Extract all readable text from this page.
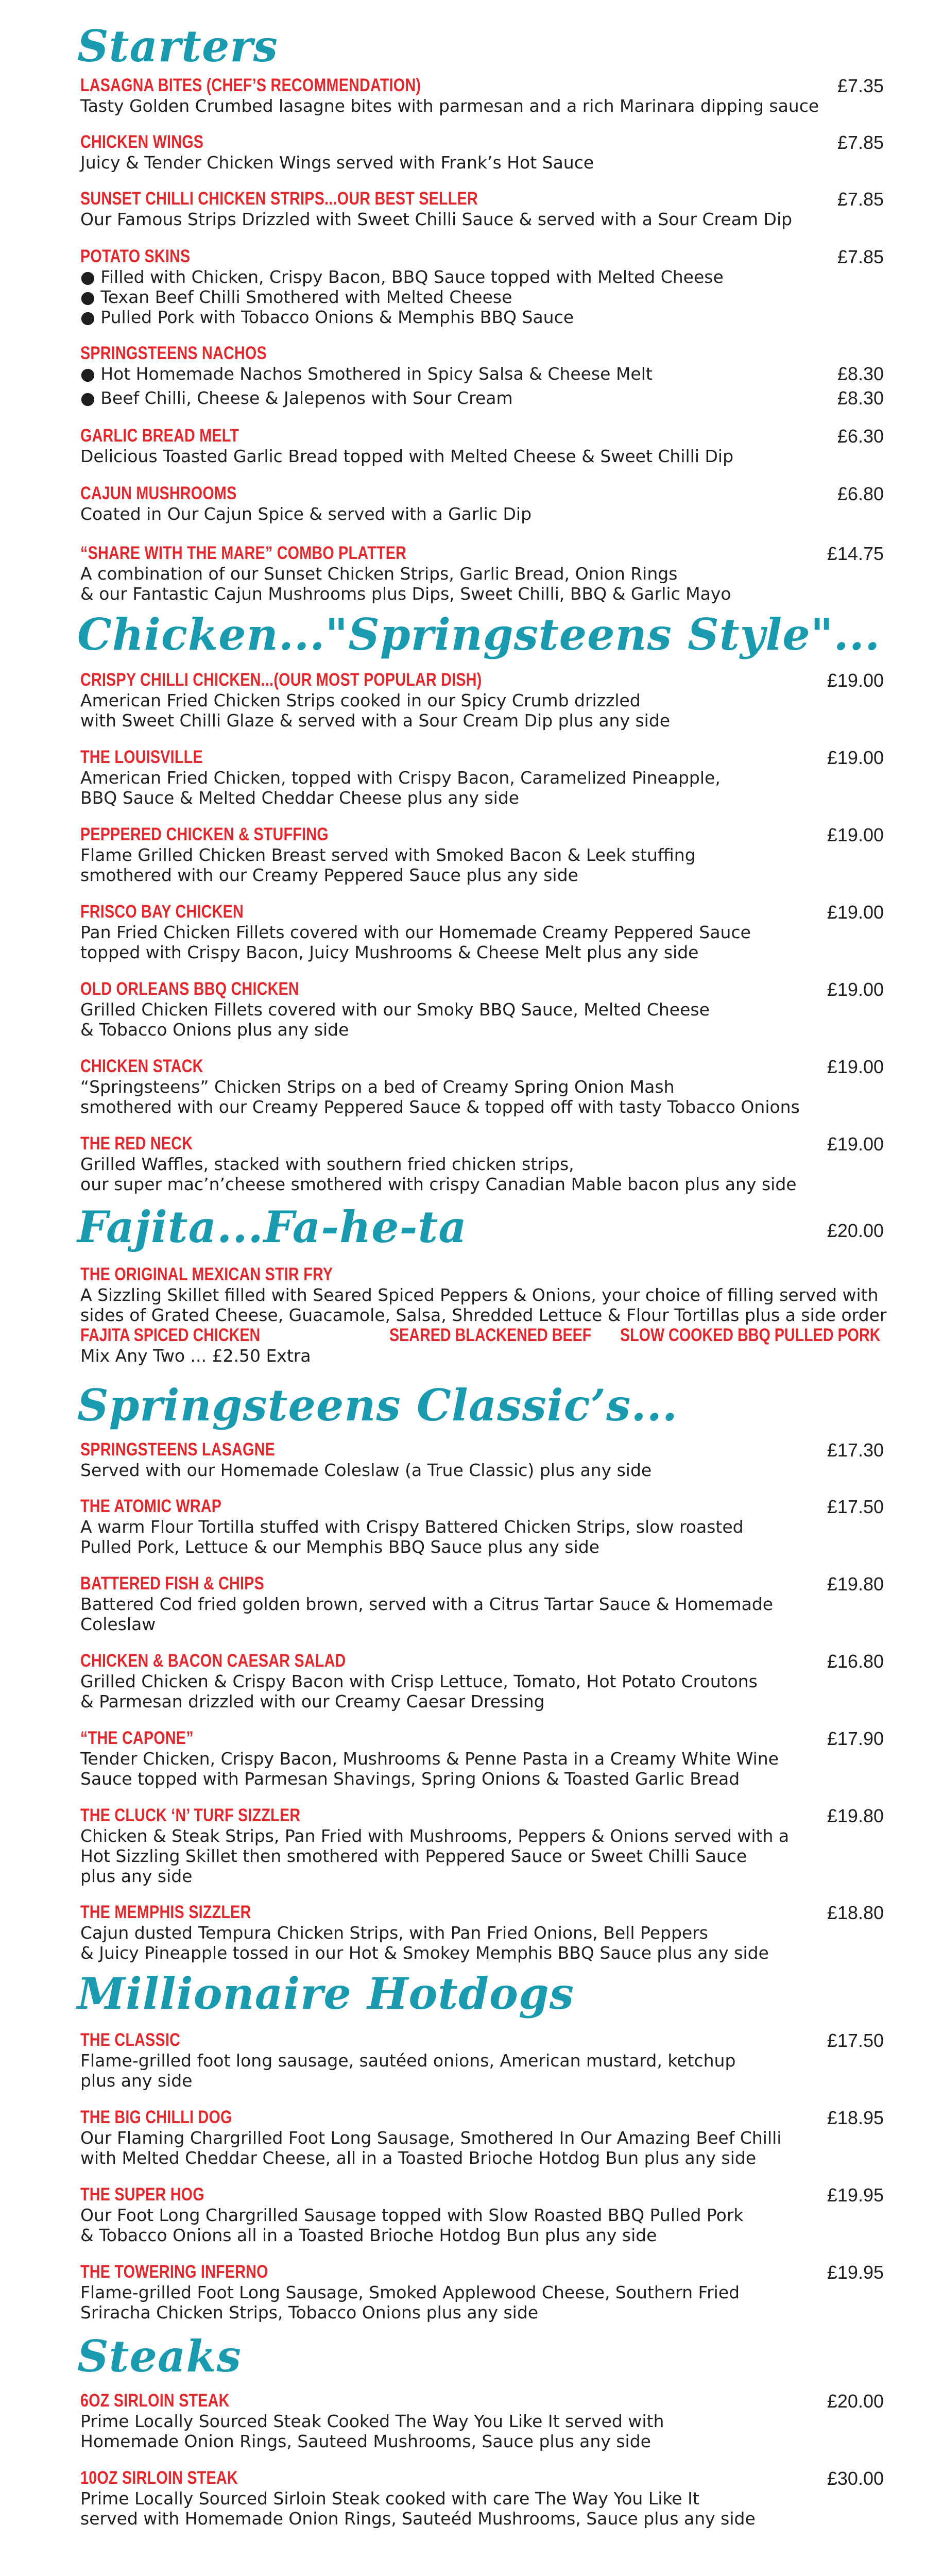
Starters
LASAGNA BITES (CHEF’S RECOMMENDATION)	£7.35
Tasty Golden Crumbed lasagne bites with parmesan and a rich Marinara dipping sauce
CHICKEN WINGS	£7.85
Juicy & Tender Chicken Wings served with Frank’s Hot Sauce
SUNSET CHILLI CHICKEN STRIPS...OUR BEST SELLER	£7.85
Our Famous Strips Drizzled with Sweet Chilli Sauce & served with a Sour Cream Dip
POTATO SKINS	£7.85
● Filled with Chicken, Crispy Bacon, BBQ Sauce topped with Melted Cheese
● Texan Beef Chilli Smothered with Melted Cheese
● Pulled Pork with Tobacco Onions & Memphis BBQ Sauce
SPRINGSTEENS NACHOS
● Hot Homemade Nachos Smothered in Spicy Salsa & Cheese Melt	£8.30
● Beef Chilli, Cheese & Jalepenos with Sour Cream	£8.30
GARLIC BREAD MELT	£6.30
Delicious Toasted Garlic Bread topped with Melted Cheese & Sweet Chilli Dip
CAJUN MUSHROOMS	£6.80
Coated in Our Cajun Spice & served with a Garlic Dip
“SHARE WITH THE MARE” COMBO PLATTER	£14.75
A combination of our Sunset Chicken Strips, Garlic Bread, Onion Rings
& our Fantastic Cajun Mushrooms plus Dips, Sweet Chilli, BBQ & Garlic Mayo
Chicken..."Springsteens Style"...
CRISPY CHILLI CHICKEN...(OUR MOST POPULAR DISH)	£19.00
American Fried Chicken Strips cooked in our Spicy Crumb drizzled
with Sweet Chilli Glaze & served with a Sour Cream Dip plus any side
THE LOUISVILLE	£19.00
American Fried Chicken, topped with Crispy Bacon, Caramelized Pineapple,
BBQ Sauce & Melted Cheddar Cheese plus any side
PEPPERED CHICKEN & STUFFING	£19.00
Flame Grilled Chicken Breast served with Smoked Bacon & Leek stuffing
smothered with our Creamy Peppered Sauce plus any side
FRISCO BAY CHICKEN	£19.00
Pan Fried Chicken Fillets covered with our Homemade Creamy Peppered Sauce
topped with Crispy Bacon, Juicy Mushrooms & Cheese Melt plus any side
OLD ORLEANS BBQ CHICKEN	£19.00
Grilled Chicken Fillets covered with our Smoky BBQ Sauce, Melted Cheese
& Tobacco Onions plus any side
CHICKEN STACK	£19.00
“Springsteens” Chicken Strips on a bed of Creamy Spring Onion Mash
smothered with our Creamy Peppered Sauce & topped off with tasty Tobacco Onions
THE RED NECK	£19.00
Grilled Waffles, stacked with southern fried chicken strips,
our super mac’n’cheese smothered with crispy Canadian Mable bacon plus any side
Fajita...Fa-he-ta	£20.00
THE ORIGINAL MEXICAN STIR FRY
A Sizzling Skillet filled with Seared Spiced Peppers & Onions, your choice of filling served with
sides of Grated Cheese, Guacamole, Salsa, Shredded Lettuce & Flour Tortillas plus a side order
FAJITA SPICED CHICKEN	SEARED BLACKENED BEEF SLOW COOKED BBQ PULLED PORK
Mix Any Two ... £2.50 Extra
Springsteens Classic’s...
SPRINGSTEENS LASAGNE	£17.30
Served with our Homemade Coleslaw (a True Classic) plus any side
THE ATOMIC WRAP	£17.50
A warm Flour Tortilla stuffed with Crispy Battered Chicken Strips, slow roasted
Pulled Pork, Lettuce & our Memphis BBQ Sauce plus any side
BATTERED FISH & CHIPS	£19.80
Battered Cod fried golden brown, served with a Citrus Tartar Sauce & Homemade
Coleslaw
CHICKEN & BACON CAESAR SALAD	£16.80
Grilled Chicken & Crispy Bacon with Crisp Lettuce, Tomato, Hot Potato Croutons
& Parmesan drizzled with our Creamy Caesar Dressing
“THE CAPONE”	£17.90
Tender Chicken, Crispy Bacon, Mushrooms & Penne Pasta in a Creamy White Wine
Sauce topped with Parmesan Shavings, Spring Onions & Toasted Garlic Bread
THE CLUCK ‘N’ TURF SIZZLER	£19.80
Chicken & Steak Strips, Pan Fried with Mushrooms, Peppers & Onions served with a
Hot Sizzling Skillet then smothered with Peppered Sauce or Sweet Chilli Sauce
plus any side
THE MEMPHIS SIZZLER	£18.80
Cajun dusted Tempura Chicken Strips, with Pan Fried Onions, Bell Peppers
& Juicy Pineapple tossed in our Hot & Smokey Memphis BBQ Sauce plus any side
Millionaire Hotdogs
THE CLASSIC	£17.50
Flame-grilled foot long sausage, sautéed onions, American mustard, ketchup
plus any side
THE BIG CHILLI DOG	£18.95
Our Flaming Chargrilled Foot Long Sausage, Smothered In Our Amazing Beef Chilli
with Melted Cheddar Cheese, all in a Toasted Brioche Hotdog Bun plus any side
THE SUPER HOG	£19.95
Our Foot Long Chargrilled Sausage topped with Slow Roasted BBQ Pulled Pork
& Tobacco Onions all in a Toasted Brioche Hotdog Bun plus any side
THE TOWERING INFERNO	£19.95
Flame-grilled Foot Long Sausage, Smoked Applewood Cheese, Southern Fried
Sriracha Chicken Strips, Tobacco Onions plus any side
Steaks
6OZ SIRLOIN STEAK	£20.00
Prime Locally Sourced Steak Cooked The Way You Like It served with
Homemade Onion Rings, Sauteed Mushrooms, Sauce plus any side
10OZ SIRLOIN STEAK	£30.00
Prime Locally Sourced Sirloin Steak cooked with care The Way You Like It
served with Homemade Onion Rings, Sauteéd Mushrooms, Sauce plus any side
